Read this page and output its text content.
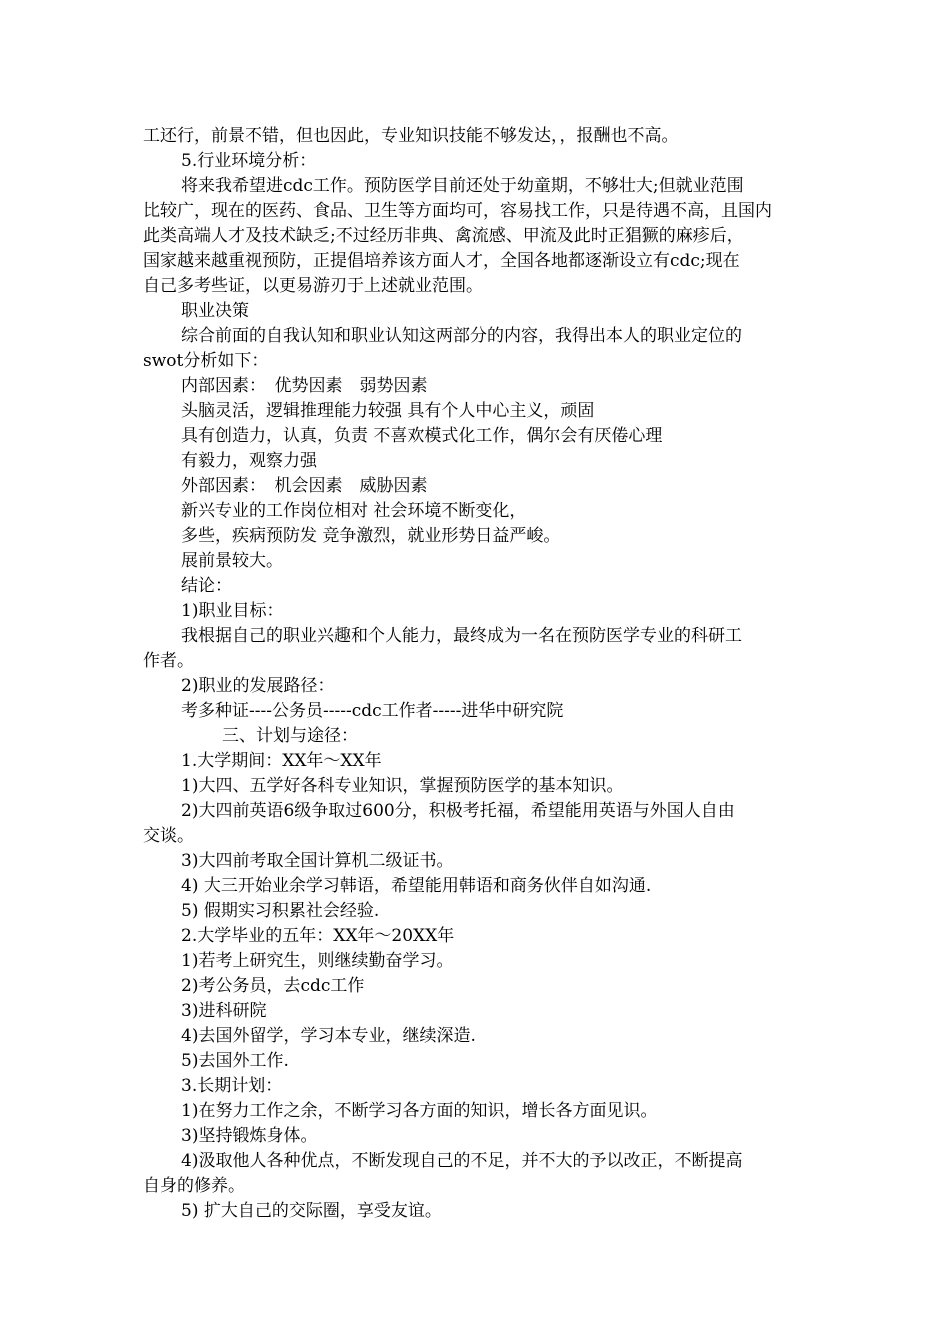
工还行，前景不错，但也因此，专业知识技能不够发达，，报酬也不高。
5.行业环境分析：
将来我希望进cdc工作。预防医学目前还处于幼童期，不够壮大;但就业范围
比较广，现在的医药、食品、卫生等方面均可，容易找工作，只是待遇不高，且国内
此类高端人才及技术缺乏;不过经历非典、禽流感、甲流及此时正猖獗的麻疹后，
国家越来越重视预防，正提倡培养该方面人才，全国各地都逐渐设立有cdc;现在
自己多考些证，以更易游刃于上述就业范围。
职业决策
综合前面的自我认知和职业认知这两部分的内容，我得出本人的职业定位的
swot分析如下：
内部因素：　优势因素　弱势因素
头脑灵活，逻辑推理能力较强 具有个人中心主义，顽固
具有创造力，认真，负责 不喜欢模式化工作，偶尔会有厌倦心理
有毅力，观察力强
外部因素：　机会因素　威胁因素
新兴专业的工作岗位相对 社会环境不断变化，
多些，疾病预防发 竞争激烈，就业形势日益严峻。
展前景较大。
结论：
1)职业目标：
我根据自己的职业兴趣和个人能力，最终成为一名在预防医学专业的科研工
作者。
2)职业的发展路径：
考多种证----公务员-----cdc工作者-----进华中研究院
三、计划与途径：
1.大学期间：XX年～XX年
1)大四、五学好各科专业知识，掌握预防医学的基本知识。
2)大四前英语6级争取过600分，积极考托福，希望能用英语与外国人自由
交谈。
3)大四前考取全国计算机二级证书。
4) 大三开始业余学习韩语，希望能用韩语和商务伙伴自如沟通.
5) 假期实习积累社会经验.
2.大学毕业的五年：XX年～20XX年
1)若考上研究生，则继续勤奋学习。
2)考公务员，去cdc工作
3)进科研院
4)去国外留学，学习本专业，继续深造.
5)去国外工作.
3.长期计划：
1)在努力工作之余，不断学习各方面的知识，增长各方面见识。
3)坚持锻炼身体。
4)汲取他人各种优点，不断发现自己的不足，并不大的予以改正，不断提高
自身的修养。
5) 扩大自己的交际圈，享受友谊。
